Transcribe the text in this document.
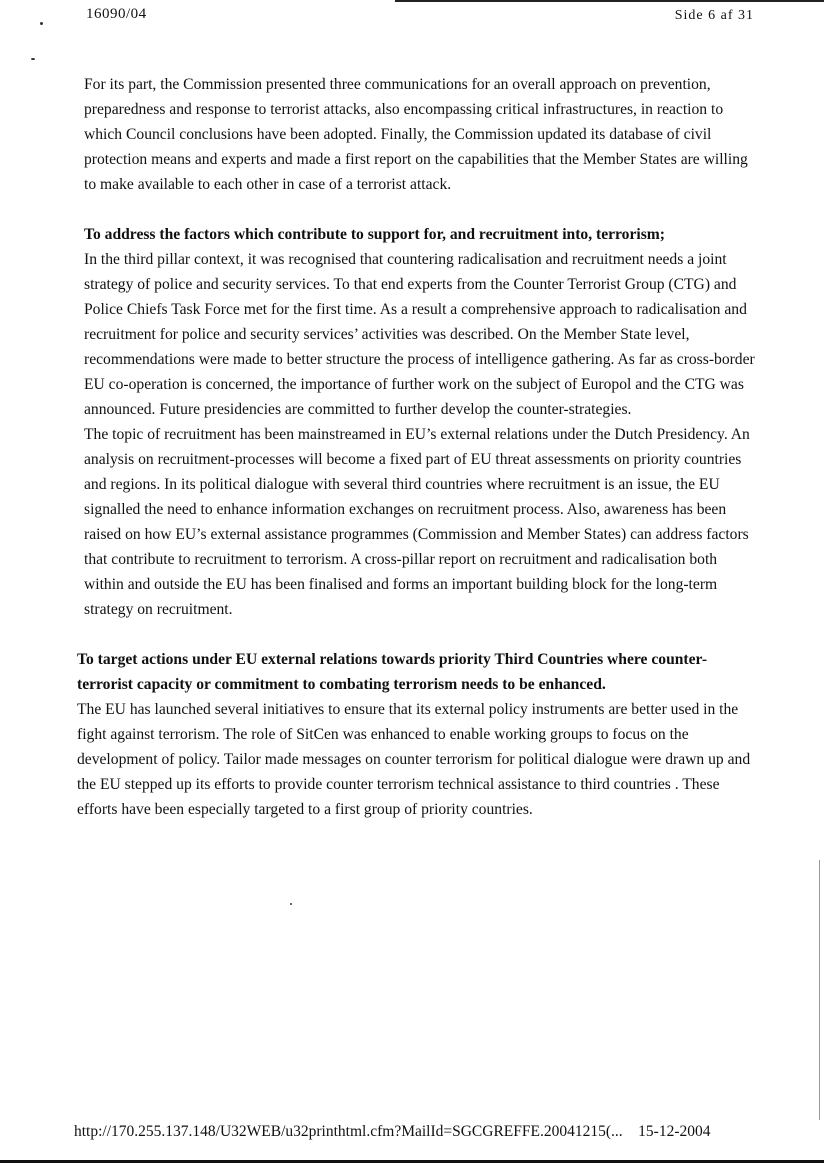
16090/04	Side 6 af 31

For its part, the Commission presented three communications for an overall approach on prevention, preparedness and response to terrorist attacks, also encompassing critical infrastructures, in reaction to which Council conclusions have been adopted. Finally, the Commission updated its database of civil protection means and experts and made a first report on the capabilities that the Member States are willing to make available to each other in case of a terrorist attack.

To address the factors which contribute to support for, and recruitment into, terrorism;

In the third pillar context, it was recognised that countering radicalisation and recruitment needs a joint strategy of police and security services. To that end experts from the Counter Terrorist Group (CTG) and Police Chiefs Task Force met for the first time. As a result a comprehensive approach to radicalisation and recruitment for police and security services’ activities was described. On the Member State level, recommendations were made to better structure the process of intelligence gathering. As far as cross-border EU co-operation is concerned, the importance of further work on the subject of Europol and the CTG was announced. Future presidencies are committed to further develop the counter-strategies.

The topic of recruitment has been mainstreamed in EU’s external relations under the Dutch Presidency. An analysis on recruitment-processes will become a fixed part of EU threat assessments on priority countries and regions. In its political dialogue with several third countries where recruitment is an issue, the EU signalled the need to enhance information exchanges on recruitment process. Also, awareness has been raised on how EU’s external assistance programmes (Commission and Member States) can address factors that contribute to recruitment to terrorism. A cross-pillar report on recruitment and radicalisation both within and outside the EU has been finalised and forms an important building block for the long-term strategy on recruitment.

To target actions under EU external relations towards priority Third Countries where counter-terrorist capacity or commitment to combating terrorism needs to be enhanced.

The EU has launched several initiatives to ensure that its external policy instruments are better used in the fight against terrorism. The role of SitCen was enhanced to enable working groups to focus on the development of policy. Tailor made messages on counter terrorism for political dialogue were drawn up and the EU stepped up its efforts to provide counter terrorism technical assistance to third countries . These efforts have been especially targeted to a first group of priority countries.

http://170.255.137.148/U32WEB/u32printhtml.cfm?MailId=SGCGREFFE.20041215(... 15-12-2004
